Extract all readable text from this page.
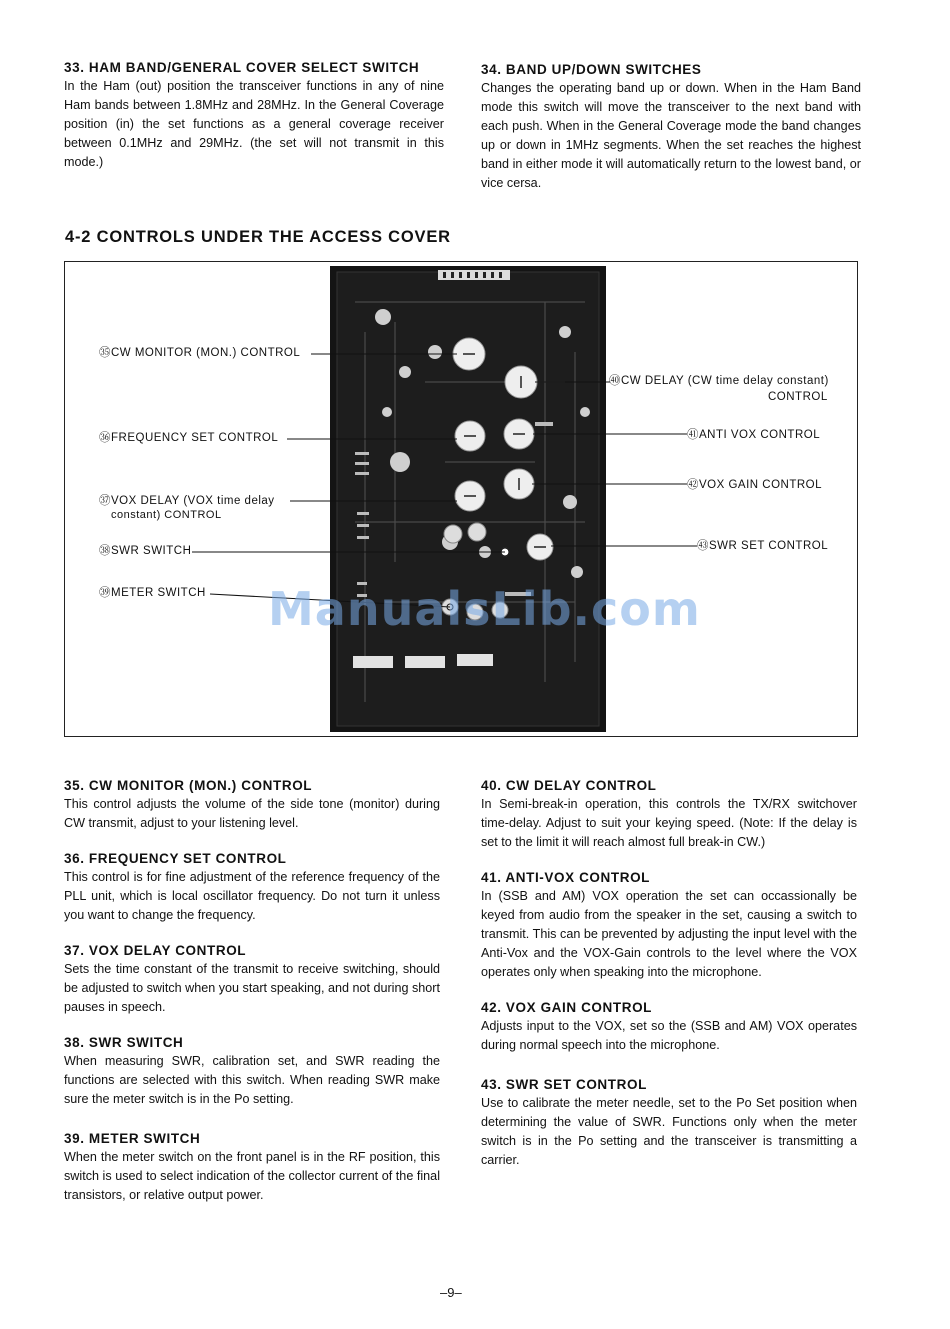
33. HAM BAND/GENERAL COVER SELECT SWITCH

In the Ham (out) position the transceiver functions in any of nine Ham bands between 1.8MHz and 28MHz. In the General Coverage position (in) the set functions as a general coverage receiver between 0.1MHz and 29MHz. (the set will not transmit in this mode.)

34. BAND UP/DOWN SWITCHES

Changes the operating band up or down. When in the Ham Band mode this switch will move the transceiver to the next band with each push. When in the General Coverage mode the band changes up or down in 1MHz segments. When the set reaches the highest band in either mode it will automatically return to the lowest band, or vice cersa.

4-2 CONTROLS UNDER THE ACCESS COVER
㉟CW MONITOR (MON.) CONTROL
㊱FREQUENCY SET CONTROL
㊲VOX DELAY (VOX time delay
constant) CONTROL
㊳SWR SWITCH
㊴METER SWITCH
㊵CW DELAY (CW time delay constant)
CONTROL
㊶ANTI VOX CONTROL
㊷VOX GAIN CONTROL
㊸SWR SET CONTROL
ManualsLib.com
35. CW MONITOR (MON.) CONTROL

This control adjusts the volume of the side tone (monitor) during CW transmit, adjust to your listening level.

36. FREQUENCY SET CONTROL

This control is for fine adjustment of the reference frequency of the PLL unit, which is local oscillator frequency. Do not turn it unless you want to change the frequency.

37. VOX DELAY CONTROL

Sets the time constant of the transmit to receive switching, should be adjusted to switch when you start speaking, and not during short pauses in speech.

38. SWR SWITCH

When measuring SWR, calibration set, and SWR reading the functions are selected with this switch. When reading SWR make sure the meter switch is in the Po setting.

39. METER SWITCH

When the meter switch on the front panel is in the RF position, this switch is used to select indication of the collector current of the final transistors, or relative output power.

40. CW DELAY CONTROL

In Semi-break-in operation, this controls the TX/RX switchover time-delay. Adjust to suit your keying speed. (Note: If the delay is set to the limit it will reach almost full break-in CW.)

41. ANTI-VOX CONTROL

In (SSB and AM) VOX operation the set can occassionally be keyed from audio from the speaker in the set, causing a switch to transmit. This can be prevented by adjusting the input level with the Anti-Vox and the VOX-Gain controls to the level where the VOX operates only when speaking into the microphone.

42. VOX GAIN CONTROL

Adjusts input to the VOX, set so the (SSB and AM) VOX operates during normal speech into the microphone.

43. SWR SET CONTROL

Use to calibrate the meter needle, set to the Po Set position when determining the value of SWR. Functions only when the meter switch is in the Po setting and the transceiver is transmitting a carrier.

–9–
